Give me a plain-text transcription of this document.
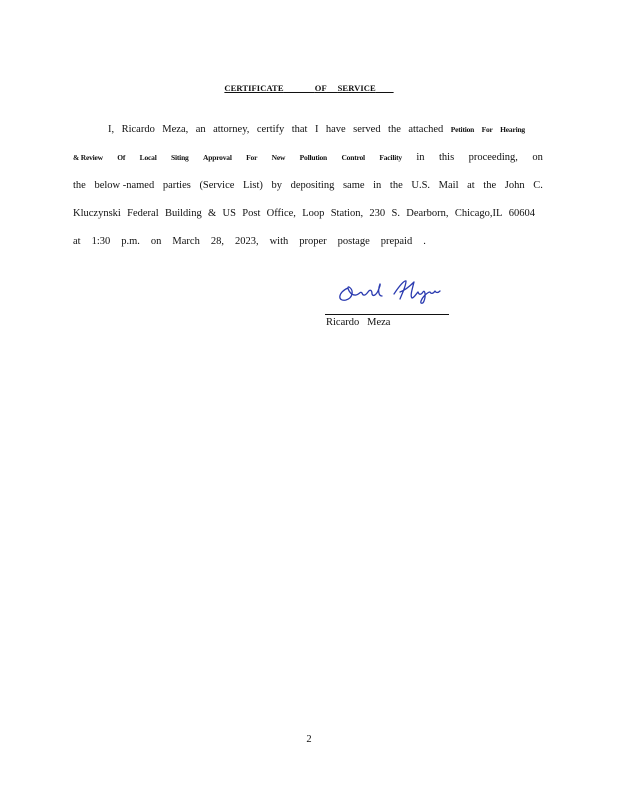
CERTIFICATE	OF SERVICE
I, Ricardo Meza, an attorney, certify that I have served the attached Petition For Hearing
& Review Of Local Siting Approval For New Pollution Control Facility in this proceeding, on
the below -named parties (Service List) by depositing same in the U.S. Mail at the John C.
Kluczynski Federal Building & US Post Office, Loop Station, 230 S. Dearborn, Chicago,IL 60604
at 1:30 p.m. on March 28, 2023, with proper postage prepaid .
Ricardo   Meza
2
